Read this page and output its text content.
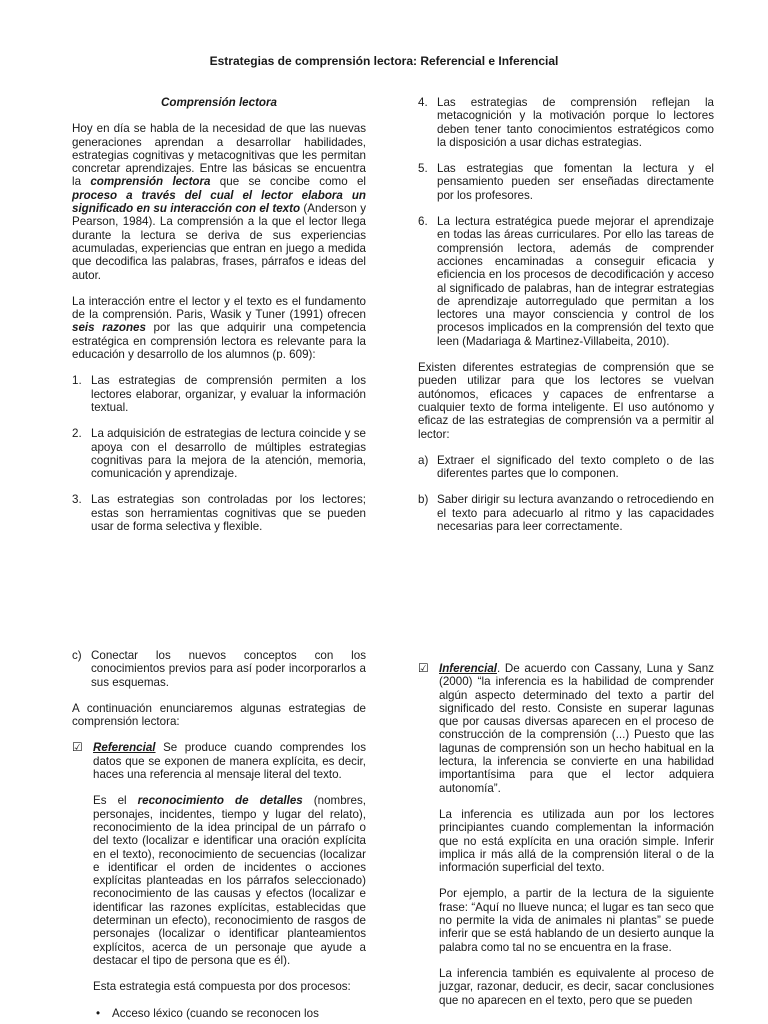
Estrategias de comprensión lectora: Referencial e Inferencial
Comprensión lectora

Hoy en día se habla de la necesidad de que las nuevas generaciones aprendan a desarrollar habilidades, estrategias cognitivas y metacognitivas que les permitan concretar aprendizajes. Entre las básicas se encuentra la comprensión lectora que se concibe como el proceso a través del cual el lector elabora un significado en su interacción con el texto (Anderson y Pearson, 1984). La comprensión a la que el lector llega durante la lectura se deriva de sus experiencias acumuladas, experiencias que entran en juego a medida que decodifica las palabras, frases, párrafos e ideas del autor.

La interacción entre el lector y el texto es el fundamento de la comprensión. Paris, Wasik y Tuner (1991) ofrecen seis razones por las que adquirir una competencia estratégica en comprensión lectora es relevante para la educación y desarrollo de los alumnos (p. 609):

1. Las estrategias de comprensión permiten a los lectores elaborar, organizar, y evaluar la información textual.
2. La adquisición de estrategias de lectura coincide y se apoya con el desarrollo de múltiples estrategias cognitivas para la mejora de la atención, memoria, comunicación y aprendizaje.
3. Las estrategias son controladas por los lectores; estas son herramientas cognitivas que se pueden usar de forma selectiva y flexible.
4. Las estrategias de comprensión reflejan la metacognición y la motivación porque lo lectores deben tener tanto conocimientos estratégicos como la disposición a usar dichas estrategias.
5. Las estrategias que fomentan la lectura y el pensamiento pueden ser enseñadas directamente por los profesores.
6. La lectura estratégica puede mejorar el aprendizaje en todas las áreas curriculares. Por ello las tareas de comprensión lectora, además de comprender acciones encaminadas a conseguir eficacia y eficiencia en los procesos de decodificación y acceso al significado de palabras, han de integrar estrategias de aprendizaje autorregulado que permitan a los lectores una mayor consciencia y control de los procesos implicados en la comprensión del texto que leen (Madariaga & Martinez-Villabeita, 2010).

Existen diferentes estrategias de comprensión que se pueden utilizar para que los lectores se vuelvan autónomos, eficaces y capaces de enfrentarse a cualquier texto de forma inteligente. El uso autónomo y eficaz de las estrategias de comprensión va a permitir al lector:

a) Extraer el significado del texto completo o de las diferentes partes que lo componen.
b) Saber dirigir su lectura avanzando o retrocediendo en el texto para adecuarlo al ritmo y las capacidades necesarias para leer correctamente.
c) Conectar los nuevos conceptos con los conocimientos previos para así poder incorporarlos a sus esquemas.

A continuación enunciaremos algunas estrategias de comprensión lectora:

☑ Referencial Se produce cuando comprendes los datos que se exponen de manera explícita, es decir, haces una referencia al mensaje literal del texto.

Es el reconocimiento de detalles (nombres, personajes, incidentes, tiempo y lugar del relato), reconocimiento de la idea principal de un párrafo o del texto (localizar e identificar una oración explícita en el texto), reconocimiento de secuencias (localizar e identificar el orden de incidentes o acciones explícitas planteadas en los párrafos seleccionado) reconocimiento de las causas y efectos (localizar e identificar las razones explícitas, establecidas que determinan un efecto), reconocimiento de rasgos de personajes (localizar o identificar planteamientos explícitos, acerca de un personaje que ayude a destacar el tipo de persona que es él).

Esta estrategia está compuesta por dos procesos:

• Acceso léxico (cuando se reconocen los
☑ Inferencial. De acuerdo con Cassany, Luna y Sanz (2000) “la inferencia es la habilidad de comprender algún aspecto determinado del texto a partir del significado del resto. Consiste en superar lagunas que por causas diversas aparecen en el proceso de construcción de la comprensión (...) Puesto que las lagunas de comprensión son un hecho habitual en la lectura, la inferencia se convierte en una habilidad importantísima para que el lector adquiera autonomía”.

La inferencia es utilizada aun por los lectores principiantes cuando complementan la información que no está explícita en una oración simple. Inferir implica ir más allá de la comprensión literal o de la información superficial del texto.

Por ejemplo, a partir de la lectura de la siguiente frase: “Aquí no llueve nunca; el lugar es tan seco que no permite la vida de animales ni plantas” se puede inferir que se está hablando de un desierto aunque la palabra como tal no se encuentra en la frase.

La inferencia también es equivalente al proceso de juzgar, razonar, deducir, es decir, sacar conclusiones que no aparecen en el texto, pero que se pueden
